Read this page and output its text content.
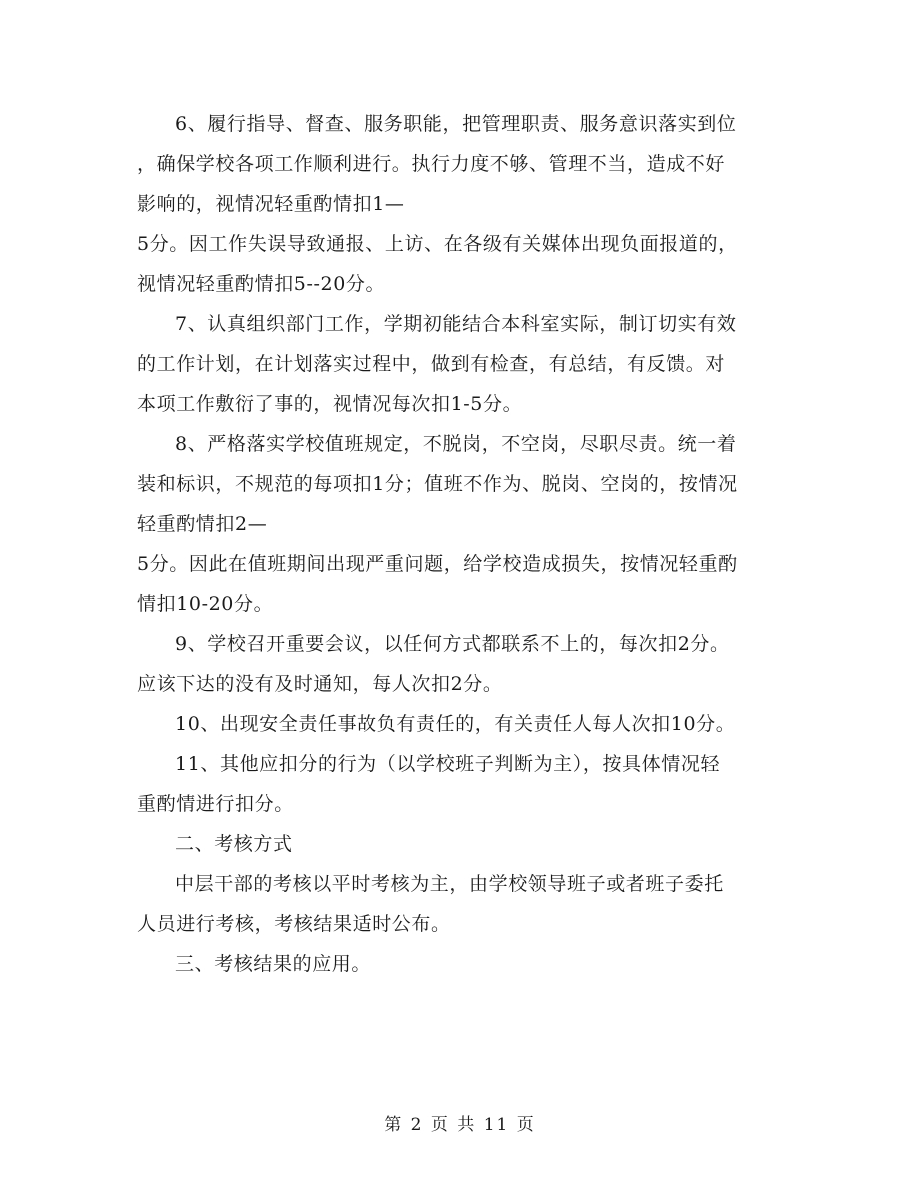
6、履行指导、督查、服务职能，把管理职责、服务意识落实到位
，确保学校各项工作顺利进行。执行力度不够、管理不当，造成不好
影响的，视情况轻重酌情扣1—
5分。因工作失误导致通报、上访、在各级有关媒体出现负面报道的，
视情况轻重酌情扣5--20分。
7、认真组织部门工作，学期初能结合本科室实际，制订切实有效
的工作计划，在计划落实过程中，做到有检查，有总结，有反馈。对
本项工作敷衍了事的，视情况每次扣1-5分。
8、严格落实学校值班规定，不脱岗，不空岗，尽职尽责。统一着
装和标识，不规范的每项扣1分；值班不作为、脱岗、空岗的，按情况
轻重酌情扣2—
5分。因此在值班期间出现严重问题，给学校造成损失，按情况轻重酌
情扣10-20分。
9、学校召开重要会议，以任何方式都联系不上的，每次扣2分。
应该下达的没有及时通知，每人次扣2分。
10、出现安全责任事故负有责任的，有关责任人每人次扣10分。
11、其他应扣分的行为（以学校班子判断为主），按具体情况轻
重酌情进行扣分。
二、考核方式
中层干部的考核以平时考核为主，由学校领导班子或者班子委托
人员进行考核，考核结果适时公布。
三、考核结果的应用。
第 2 页 共 11 页
